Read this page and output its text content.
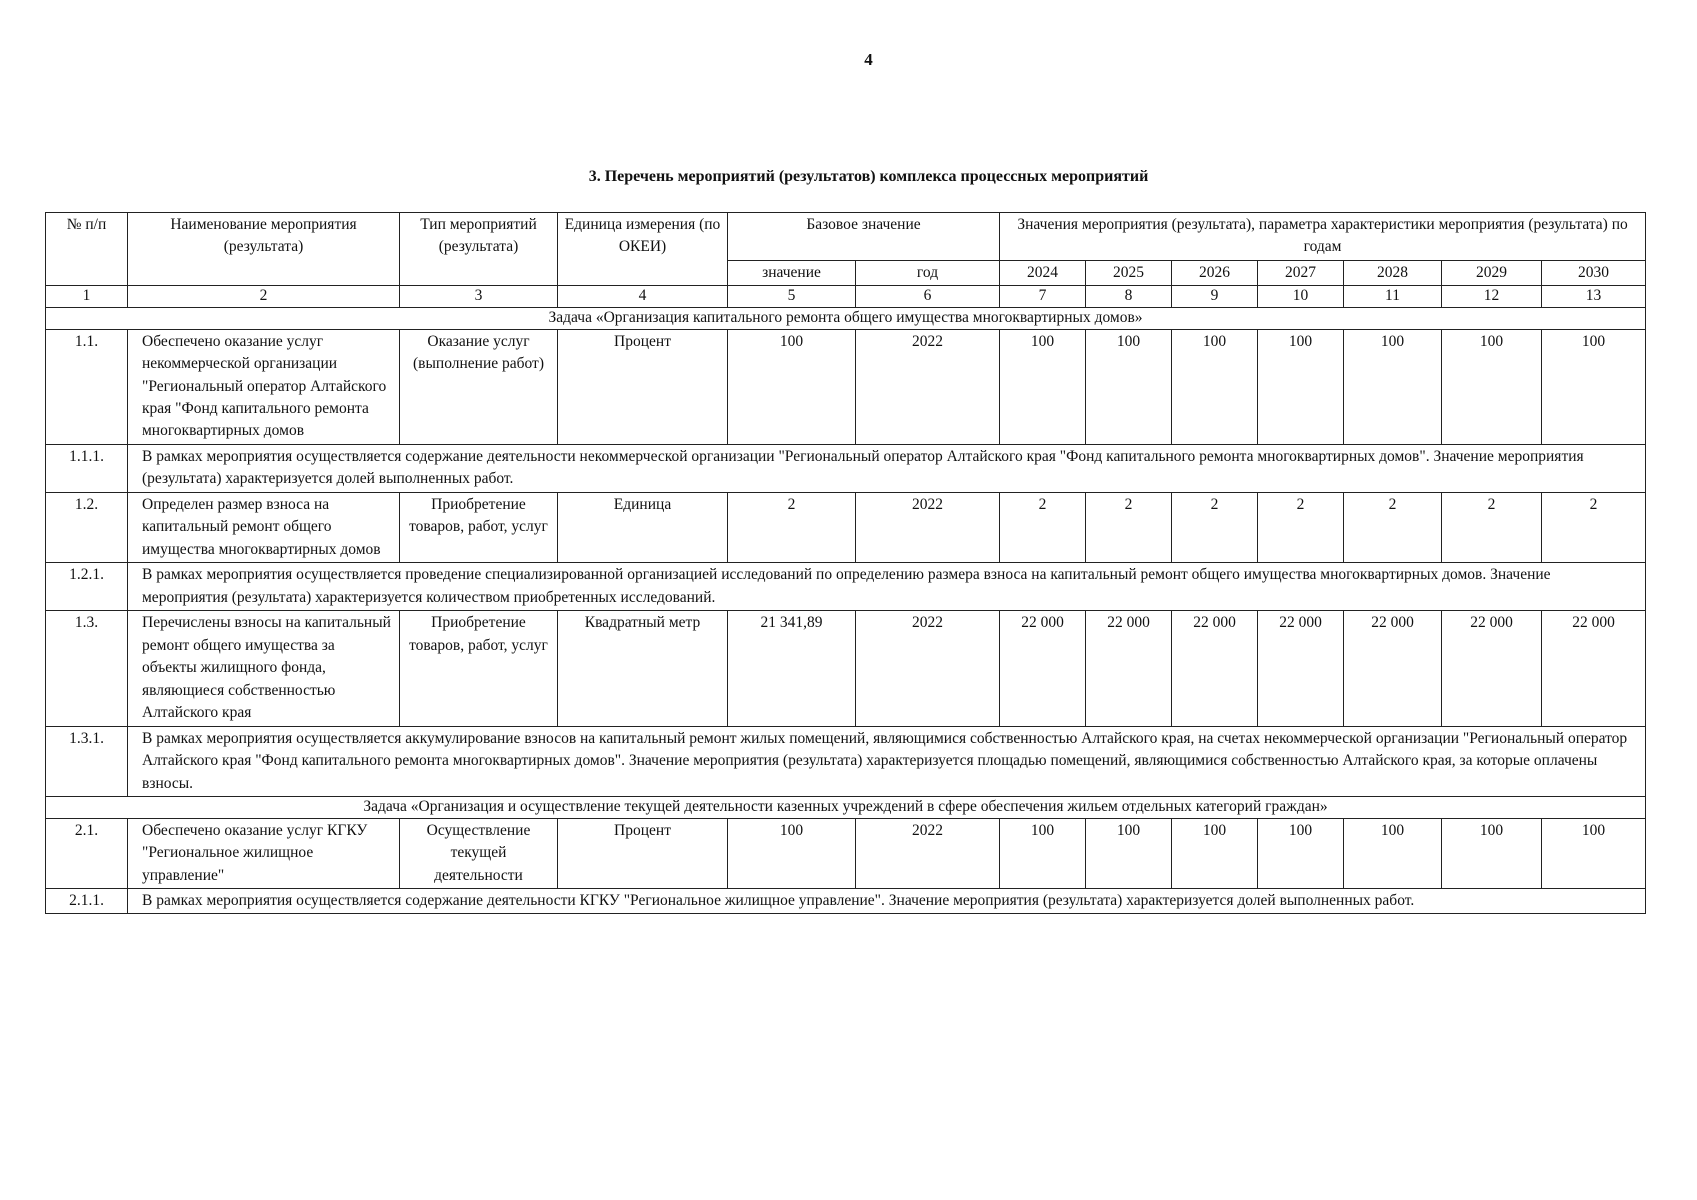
4
3. Перечень мероприятий (результатов) комплекса процессных мероприятий
№ п/п	Наименование мероприятия (результата)	Тип мероприятий (результата)	Единица измерения (по ОКЕИ)	Базовое значение		Значения мероприятия (результата), параметра характеристики мероприятия (результата) по годам						

				значение	год	2024	2025	2026	2027	2028	2029	2030
1	2	3	4	5	6	7	8	9	10	11	12	13
Задача «Организация капитального ремонта общего имущества многоквартирных домов»												
1.1.	Обеспечено оказание услуг некоммерческой организации "Региональный оператор Алтайского края "Фонд капитального ремонта многоквартирных домов	Оказание услуг (выполнение работ)	Процент	100	2022	100	100	100	100	100	100	100
1.1.1.	В рамках мероприятия осуществляется содержание деятельности некоммерческой организации "Региональный оператор Алтайского края "Фонд капитального ремонта многоквартирных домов". Значение мероприятия (результата) характеризуется долей выполненных работ.											
1.2.	Определен размер взноса на капитальный ремонт общего имущества многоквартирных домов	Приобретение товаров, работ, услуг	Единица	2	2022	2	2	2	2	2	2	2
1.2.1.	В рамках мероприятия осуществляется проведение специализированной организацией исследований по определению размера взноса на капитальный ремонт общего имущества многоквартирных домов. Значение мероприятия (результата) характеризуется количеством приобретенных исследований.											
1.3.	Перечислены взносы на капитальный ремонт общего имущества за объекты жилищного фонда, являющиеся собственностью Алтайского края	Приобретение товаров, работ, услуг	Квадратный метр	21 341,89	2022	22 000	22 000	22 000	22 000	22 000	22 000	22 000
1.3.1.	В рамках мероприятия осуществляется аккумулирование взносов на капитальный ремонт жилых помещений, являющимися собственностью Алтайского края, на счетах некоммерческой организации "Региональный оператор Алтайского края "Фонд капитального ремонта многоквартирных домов". Значение мероприятия (результата) характеризуется площадью помещений, являющимися собственностью Алтайского края, за которые оплачены взносы.											
Задача «Организация и осуществление текущей деятельности казенных учреждений в сфере обеспечения жильем отдельных категорий граждан»												
2.1.	Обеспечено оказание услуг КГКУ "Региональное жилищное управление"	Осуществление текущей деятельности	Процент	100	2022	100	100	100	100	100	100	100
2.1.1.	В рамках мероприятия осуществляется содержание деятельности КГКУ "Региональное жилищное управление". Значение мероприятия (результата) характеризуется долей выполненных работ.											
